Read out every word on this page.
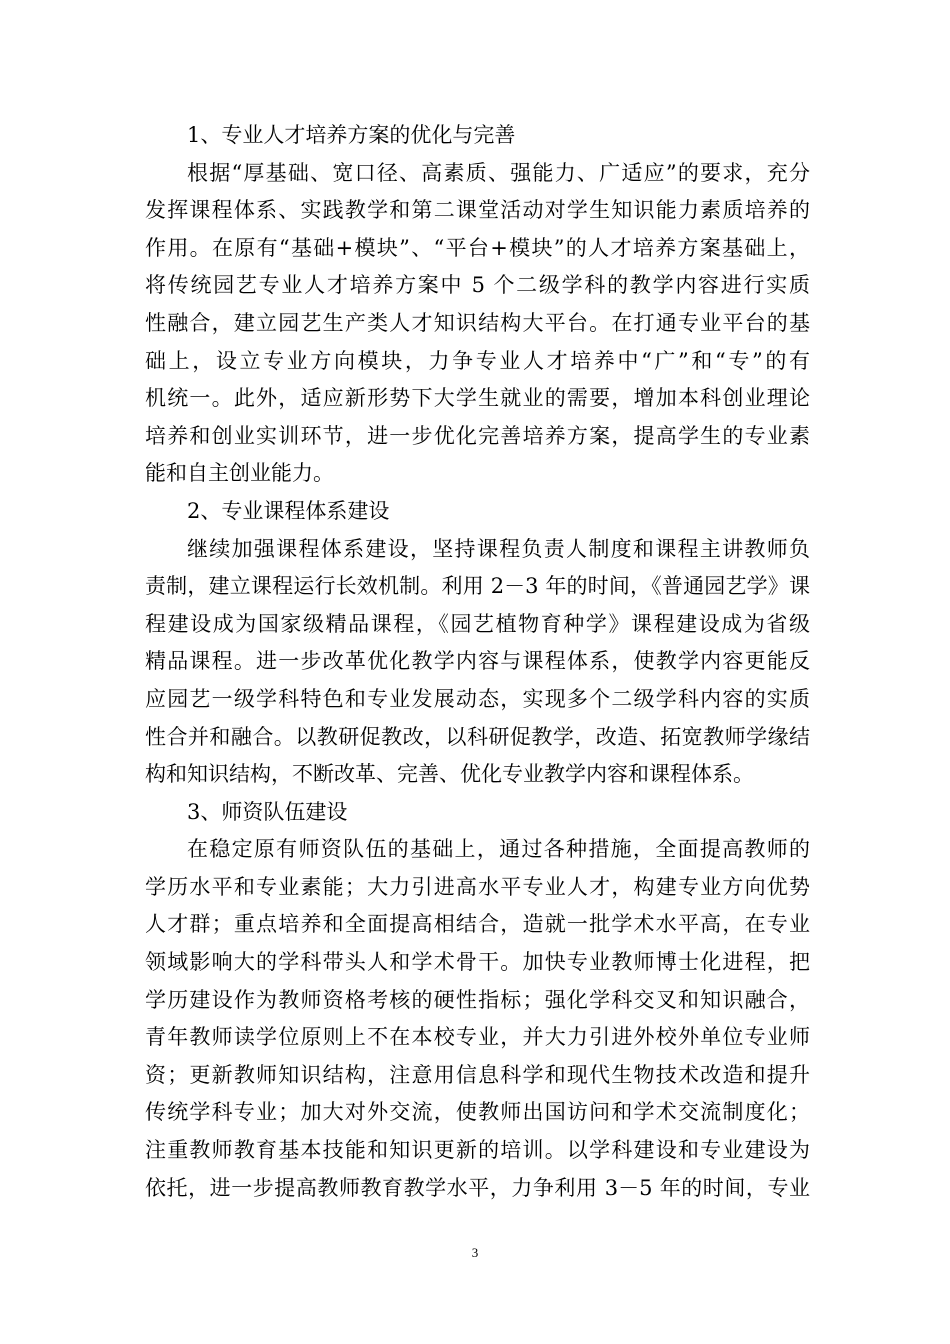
1、专业人才培养方案的优化与完善
根据“厚基础、宽口径、高素质、强能力、广适应”的要求，充分
发挥课程体系、实践教学和第二课堂活动对学生知识能力素质培养的
作用。在原有“基础+模块”、“平台+模块”的人才培养方案基础上，
将传统园艺专业人才培养方案中 5 个二级学科的教学内容进行实质
性融合，建立园艺生产类人才知识结构大平台。在打通专业平台的基
础上，设立专业方向模块，力争专业人才培养中“广”和“专”的有
机统一。此外，适应新形势下大学生就业的需要，增加本科创业理论
培养和创业实训环节，进一步优化完善培养方案，提高学生的专业素
能和自主创业能力。
2、专业课程体系建设
继续加强课程体系建设，坚持课程负责人制度和课程主讲教师负
责制，建立课程运行长效机制。利用 2－3 年的时间，《普通园艺学》课
程建设成为国家级精品课程，《园艺植物育种学》课程建设成为省级
精品课程。进一步改革优化教学内容与课程体系，使教学内容更能反
应园艺一级学科特色和专业发展动态，实现多个二级学科内容的实质
性合并和融合。以教研促教改，以科研促教学，改造、拓宽教师学缘结
构和知识结构，不断改革、完善、优化专业教学内容和课程体系。
3、师资队伍建设
在稳定原有师资队伍的基础上，通过各种措施，全面提高教师的
学历水平和专业素能；大力引进高水平专业人才，构建专业方向优势
人才群；重点培养和全面提高相结合，造就一批学术水平高，在专业
领域影响大的学科带头人和学术骨干。加快专业教师博士化进程，把
学历建设作为教师资格考核的硬性指标；强化学科交叉和知识融合，
青年教师读学位原则上不在本校专业，并大力引进外校外单位专业师
资；更新教师知识结构，注意用信息科学和现代生物技术改造和提升
传统学科专业；加大对外交流，使教师出国访问和学术交流制度化；
注重教师教育基本技能和知识更新的培训。以学科建设和专业建设为
依托，进一步提高教师教育教学水平，力争利用 3－5 年的时间，专业
3
